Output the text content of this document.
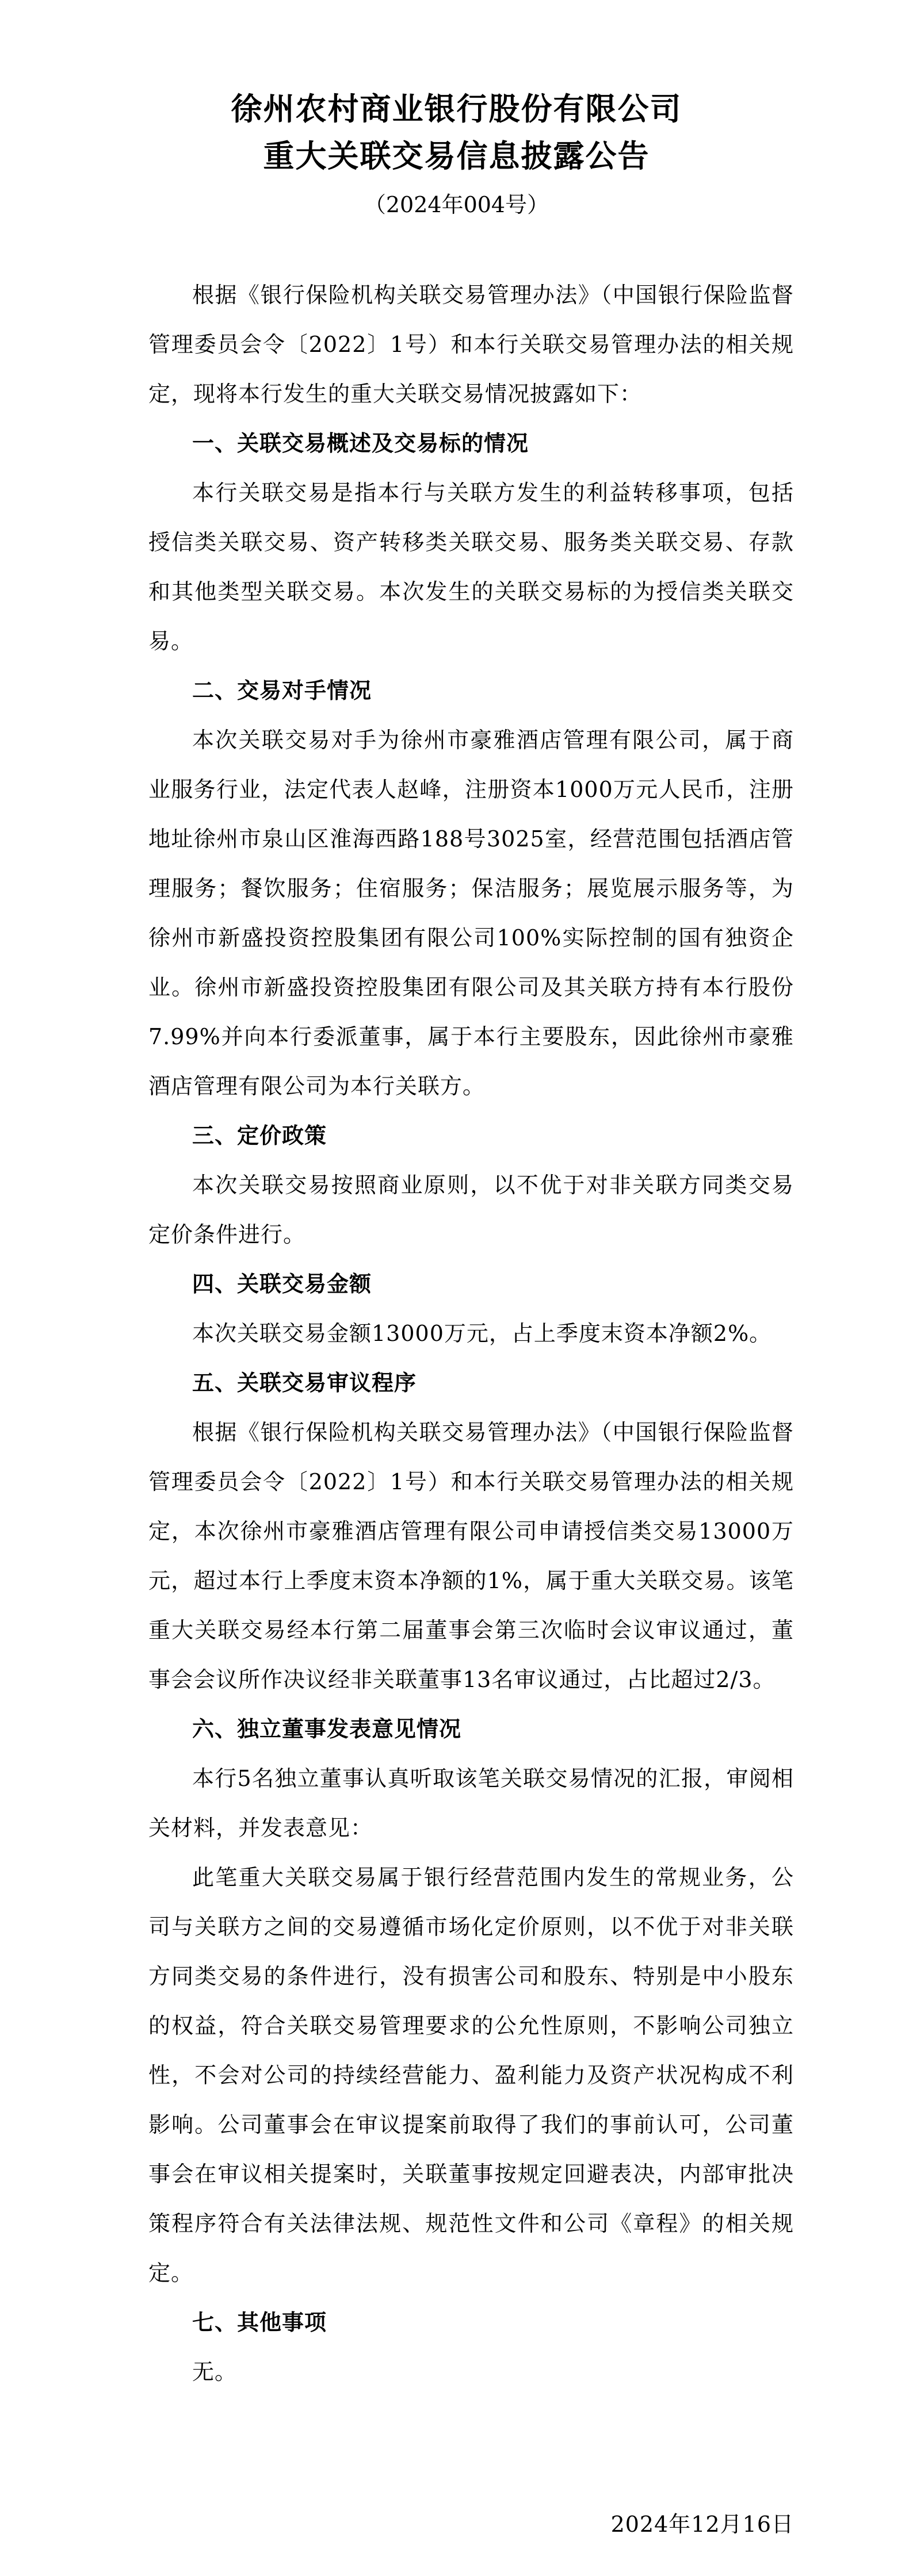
徐州农村商业银行股份有限公司
重大关联交易信息披露公告
（2024年004号）

根据《银行保险机构关联交易管理办法》（中国银行保险监督管理委员会令〔2022〕1号）和本行关联交易管理办法的相关规定，现将本行发生的重大关联交易情况披露如下：

一、关联交易概述及交易标的情况

本行关联交易是指本行与关联方发生的利益转移事项，包括授信类关联交易、资产转移类关联交易、服务类关联交易、存款和其他类型关联交易。本次发生的关联交易标的为授信类关联交易。

二、交易对手情况

本次关联交易对手为徐州市豪雅酒店管理有限公司，属于商业服务行业，法定代表人赵峰，注册资本1000万元人民币，注册地址徐州市泉山区淮海西路188号3025室，经营范围包括酒店管理服务；餐饮服务；住宿服务；保洁服务；展览展示服务等，为徐州市新盛投资控股集团有限公司100%实际控制的国有独资企业。徐州市新盛投资控股集团有限公司及其关联方持有本行股份7.99%并向本行委派董事，属于本行主要股东，因此徐州市豪雅酒店管理有限公司为本行关联方。

三、定价政策

本次关联交易按照商业原则，以不优于对非关联方同类交易定价条件进行。

四、关联交易金额

本次关联交易金额13000万元，占上季度末资本净额2%。

五、关联交易审议程序

根据《银行保险机构关联交易管理办法》（中国银行保险监督管理委员会令〔2022〕1号）和本行关联交易管理办法的相关规定，本次徐州市豪雅酒店管理有限公司申请授信类交易13000万元，超过本行上季度末资本净额的1%，属于重大关联交易。该笔重大关联交易经本行第二届董事会第三次临时会议审议通过，董事会会议所作决议经非关联董事13名审议通过，占比超过2/3。

六、独立董事发表意见情况

本行5名独立董事认真听取该笔关联交易情况的汇报，审阅相关材料，并发表意见：

此笔重大关联交易属于银行经营范围内发生的常规业务，公司与关联方之间的交易遵循市场化定价原则，以不优于对非关联方同类交易的条件进行，没有损害公司和股东、特别是中小股东的权益，符合关联交易管理要求的公允性原则，不影响公司独立性，不会对公司的持续经营能力、盈利能力及资产状况构成不利影响。公司董事会在审议提案前取得了我们的事前认可，公司董事会在审议相关提案时，关联董事按规定回避表决，内部审批决策程序符合有关法律法规、规范性文件和公司《章程》的相关规定。

七、其他事项

无。

2024年12月16日
